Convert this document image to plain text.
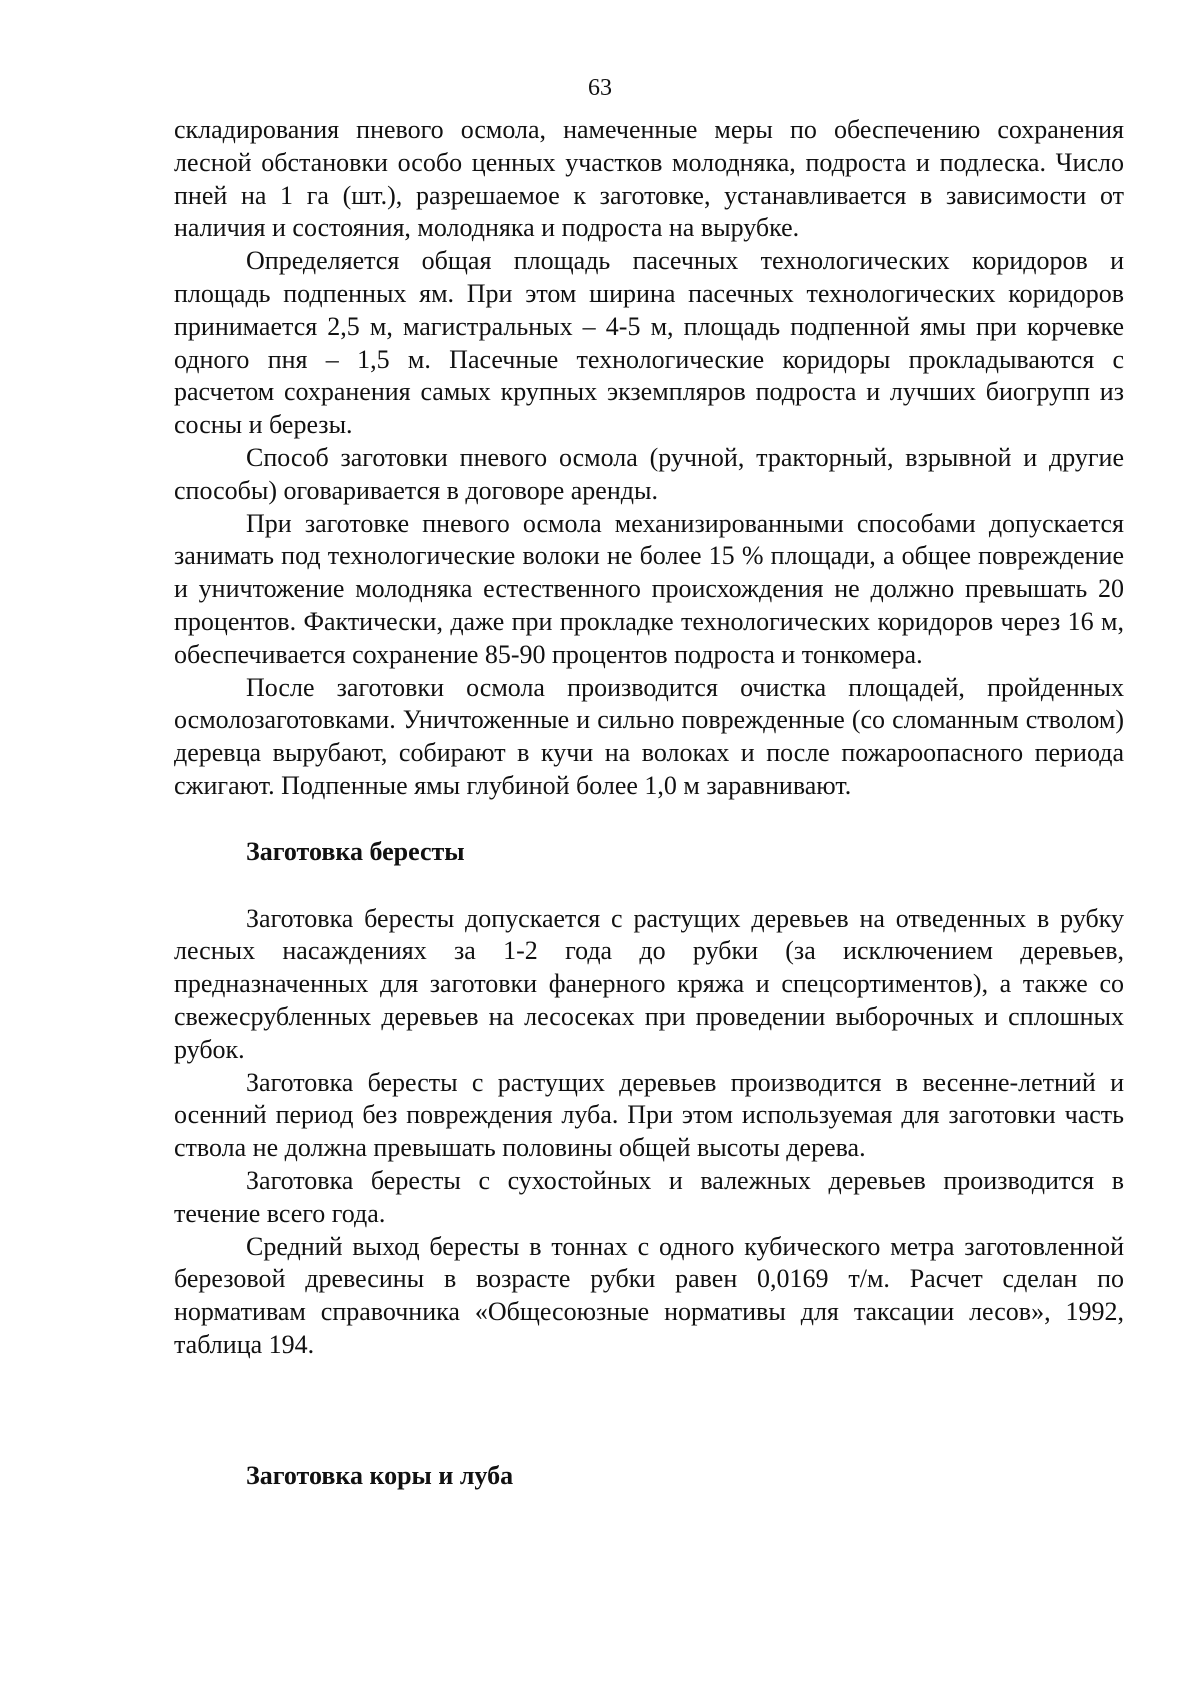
63

складирования пневого осмола, намеченные меры по обеспечению сохранения лесной обстановки особо ценных участков молодняка, подроста и подлеска. Число пней на 1 га (шт.), разрешаемое к заготовке, устанавливается в зависимости от наличия и состояния, молодняка и подроста на вырубке.

Определяется общая площадь пасечных технологических коридоров и площадь подпенных ям. При этом ширина пасечных технологических коридоров принимается 2,5 м, магистральных – 4-5 м, площадь подпенной ямы при корчевке одного пня – 1,5 м. Пасечные технологические коридоры прокладываются с расчетом сохранения самых крупных экземпляров подроста и лучших биогрупп из сосны и березы.

Способ заготовки пневого осмола (ручной, тракторный, взрывной и другие способы) оговаривается в договоре аренды.

При заготовке пневого осмола механизированными способами допускается занимать под технологические волоки не более 15 % площади, а общее повреждение и уничтожение молодняка естественного происхождения не должно превышать 20 процентов. Фактически, даже при прокладке технологических коридоров через 16 м, обеспечивается сохранение 85-90 процентов подроста и тонкомера.

После заготовки осмола производится очистка площадей, пройденных осмолозаготовками. Уничтоженные и сильно поврежденные (со сломанным стволом) деревца вырубают, собирают в кучи на волоках и после пожароопасного периода сжигают. Подпенные ямы глубиной более 1,0 м заравнивают.

Заготовка бересты

Заготовка бересты допускается с растущих деревьев на отведенных в рубку лесных насаждениях за 1-2 года до рубки (за исключением деревьев, предназначенных для заготовки фанерного кряжа и спецсортиментов), а также со свежесрубленных деревьев на лесосеках при проведении выборочных и сплошных рубок.

Заготовка бересты с растущих деревьев производится в весенне-летний и осенний период без повреждения луба. При этом используемая для заготовки часть ствола не должна превышать половины общей высоты дерева.

Заготовка бересты с сухостойных и валежных деревьев производится в течение всего года.

Средний выход бересты в тоннах с одного кубического метра заготовленной березовой древесины в возрасте рубки равен 0,0169 т/м. Расчет сделан по нормативам справочника «Общесоюзные нормативы для таксации лесов», 1992, таблица 194.

Заготовка коры и луба
